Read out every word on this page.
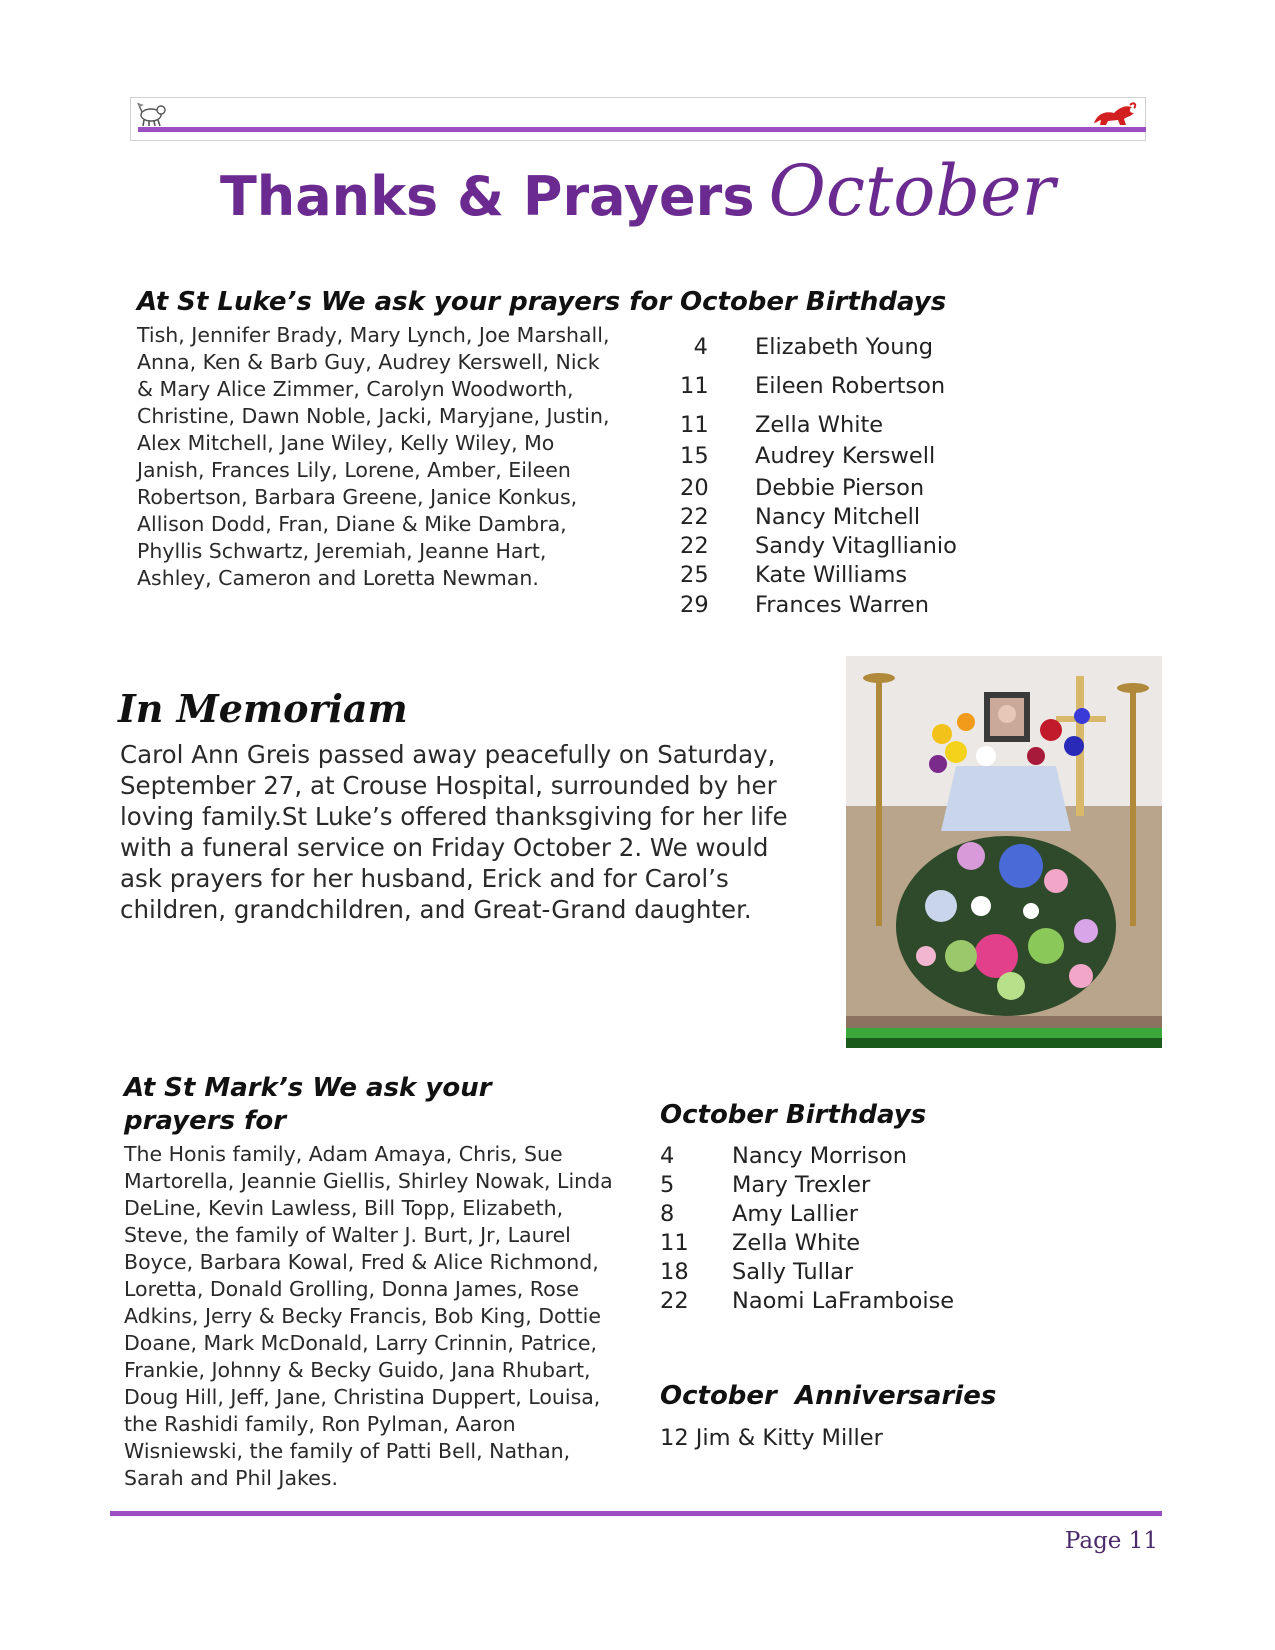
Thanks & Prayers October
At St Luke’s We ask your prayers for

Tish, Jennifer Brady, Mary Lynch, Joe Marshall, Anna, Ken & Barb Guy, Audrey Kerswell, Nick & Mary Alice Zimmer, Carolyn Woodworth, Christine, Dawn Noble, Jacki, Maryjane, Justin, Alex Mitchell, Jane Wiley, Kelly Wiley, Mo Janish, Frances Lily, Lorene, Amber, Eileen Robertson, Barbara Greene, Janice Konkus, Allison Dodd, Fran, Diane & Mike Dambra, Phyllis Schwartz, Jeremiah, Jeanne Hart, Ashley, Cameron and Loretta Newman.

October Birthdays
4 Elizabeth Young
11 Eileen Robertson
11 Zella White
15 Audrey Kerswell
20 Debbie Pierson
22 Nancy Mitchell
22 Sandy Vitagllianio
25 Kate Williams
29 Frances Warren
In Memoriam

Carol Ann Greis passed away peacefully on Saturday, September 27, at Crouse Hospital, surrounded by her loving family.St Luke’s offered thanksgiving for her life with a funeral service on Friday October 2. We would ask prayers for her husband, Erick and for Carol’s children, grandchildren, and Great-Grand daughter.

At St Mark’s We ask your prayers for

The Honis family, Adam Amaya, Chris, Sue Martorella, Jeannie Giellis, Shirley Nowak, Linda DeLine, Kevin Lawless, Bill Topp, Elizabeth, Steve, the family of Walter J. Burt, Jr, Laurel Boyce, Barbara Kowal, Fred & Alice Richmond, Loretta, Donald Grolling, Donna James, Rose Adkins, Jerry & Becky Francis, Bob King, Dottie Doane, Mark McDonald, Larry Crinnin, Patrice, Frankie, Johnny & Becky Guido, Jana Rhubart, Doug Hill, Jeff, Jane, Christina Duppert, Louisa, the Rashidi family, Ron Pylman, Aaron Wisniewski, the family of Patti Bell, Nathan, Sarah and Phil Jakes.

October Birthdays
4	Nancy Morrison
5	Mary Trexler
8	Amy Lallier
11 Zella White
18 Sally Tullar
22 Naomi LaFramboise
October  Anniversaries
12 Jim & Kitty Miller
Page 11
